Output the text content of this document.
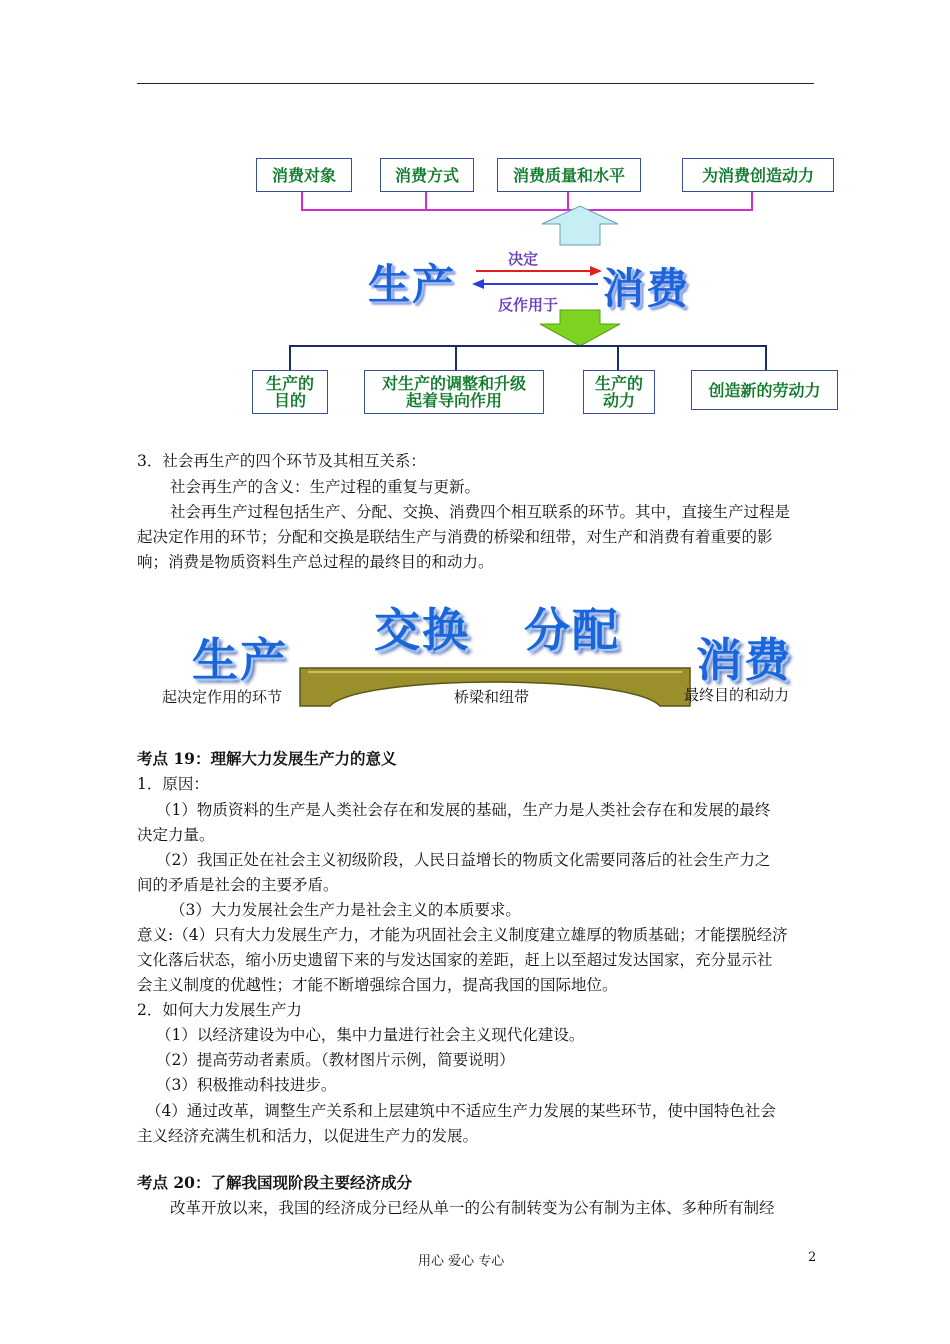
消费对象	消费方式	消费质量和水平	为消费创造动力
生产	消费
决定
反作用于
生产的
目的
对生产的调整和升级
起着导向作用
生产的
动力
创造新的劳动力
3．社会再生产的四个环节及其相互关系：
社会再生产的含义：生产过程的重复与更新。
社会再生产过程包括生产、分配、交换、消费四个相互联系的环节。其中，直接生产过程是
起决定作用的环节；分配和交换是联结生产与消费的桥梁和纽带，对生产和消费有着重要的影
响；消费是物质资料生产总过程的最终目的和动力。
生产
交换 分配
消费
起决定作用的环节	桥梁和纽带	最终目的和动力
考点 19：理解大力发展生产力的意义
1．原因：
（1）物质资料的生产是人类社会存在和发展的基础，生产力是人类社会存在和发展的最终
决定力量。
（2）我国正处在社会主义初级阶段，人民日益增长的物质文化需要同落后的社会生产力之
间的矛盾是社会的主要矛盾。
（3）大力发展社会生产力是社会主义的本质要求。
意义:（4）只有大力发展生产力，才能为巩固社会主义制度建立雄厚的物质基础；才能摆脱经济
文化落后状态，缩小历史遗留下来的与发达国家的差距，赶上以至超过发达国家，充分显示社
会主义制度的优越性；才能不断增强综合国力，提高我国的国际地位。
2．如何大力发展生产力
（1）以经济建设为中心，集中力量进行社会主义现代化建设。
（2）提高劳动者素质。（教材图片示例，简要说明）
（3）积极推动科技进步。
（4）通过改革，调整生产关系和上层建筑中不适应生产力发展的某些环节，使中国特色社会
主义经济充满生机和活力，以促进生产力的发展。
考点 20：了解我国现阶段主要经济成分
改革开放以来，我国的经济成分已经从单一的公有制转变为公有制为主体、多种所有制经
用心 爱心 专心	2
